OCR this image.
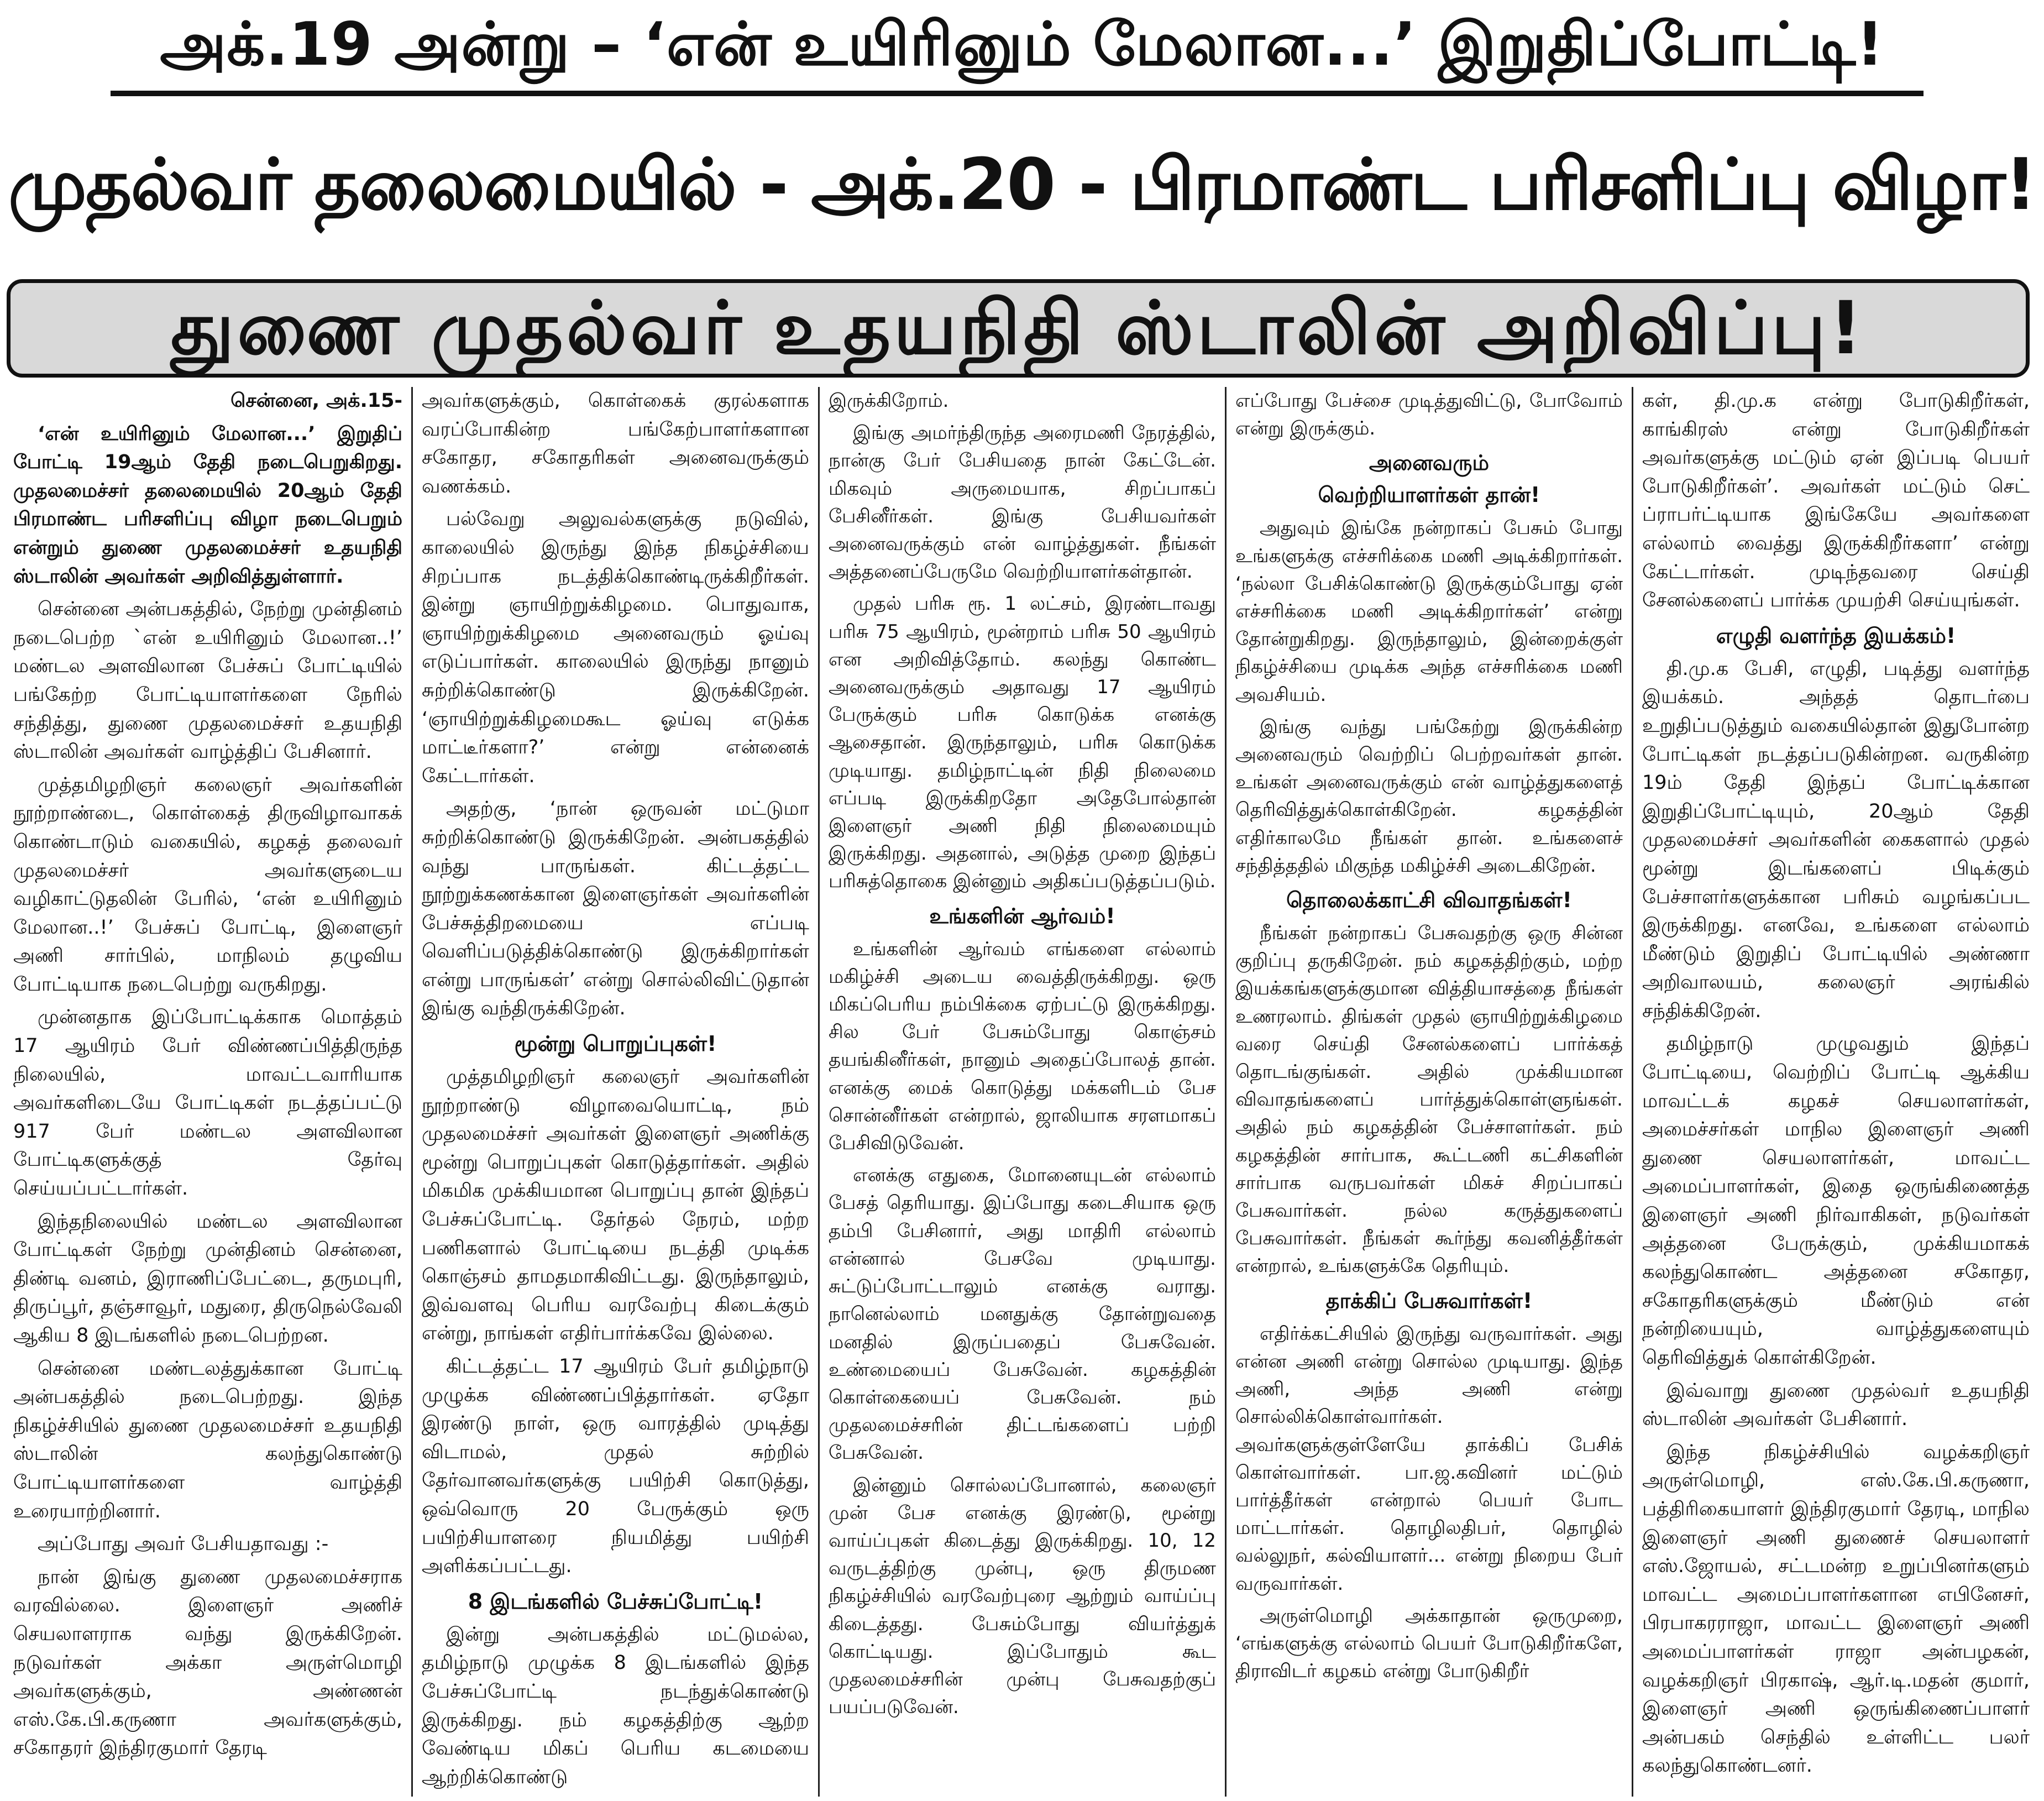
அக்.19 அன்று – ‘என் உயிரினும் மேலான...’ இறுதிப்போட்டி!
முதல்வர் தலைமையில் - அக்.20 - பிரமாண்ட பரிசளிப்பு விழா!
துணை முதல்வர் உதயநிதி ஸ்டாலின் அறிவிப்பு!

சென்னை, அக்.15-

‘என் உயிரினும் மேலான...’ இறுதிப் போட்டி 19ஆம் தேதி நடைபெறுகிறது. முதலமைச்சர் தலைமையில் 20ஆம் தேதி பிரமாண்ட பரிசளிப்பு விழா நடைபெறும் என்றும் துணை முதலமைச்சர் உதயநிதி ஸ்டாலின் அவர்கள் அறிவித்துள்ளார்.

சென்னை அன்பகத்தில், நேற்று முன்தினம் நடைபெற்ற `என் உயிரினும் மேலான..!’ மண்டல அளவிலான பேச்சுப் போட்டியில் பங்கேற்ற போட்டியாளர்களை நேரில் சந்தித்து, துணை முதலமைச்சர் உதயநிதி ஸ்டாலின் அவர்கள் வாழ்த்திப் பேசினார்.

முத்தமிழறிஞர் கலைஞர் அவர்களின் நூற்றாண்டை, கொள்கைத் திருவிழாவாகக் கொண்டாடும் வகையில், கழகத் தலைவர் முதலமைச்சர் அவர்களுடைய வழிகாட்டுதலின் பேரில், ‘என் உயிரினும் மேலான..!’ பேச்சுப் போட்டி, இளைஞர் அணி சார்பில், மாநிலம் தழுவிய போட்டியாக நடைபெற்று வருகிறது.

முன்னதாக இப்போட்டிக்காக மொத்தம் 17 ஆயிரம் பேர் விண்ணப்பித்திருந்த நிலையில், மாவட்டவாரியாக அவர்களிடையே போட்டிகள் நடத்தப்பட்டு 917 பேர் மண்டல அளவிலான போட்டிகளுக்குத் தேர்வு செய்யப்பட்டார்கள்.

இந்தநிலையில் மண்டல அளவிலான போட்டிகள் நேற்று முன்தினம் சென்னை, திண்டி வனம், இராணிப்பேட்டை, தருமபுரி, திருப்பூர், தஞ்சாவூர், மதுரை, திருநெல்வேலி ஆகிய 8 இடங்களில் நடைபெற்றன.

சென்னை மண்டலத்துக்கான போட்டி அன்பகத்தில் நடைபெற்றது. இந்த நிகழ்ச்சியில் துணை முதலமைச்சர் உதயநிதி ஸ்டாலின் கலந்துகொண்டு போட்டியாளர்களை வாழ்த்தி உரையாற்றினார்.

அப்போது அவர் பேசியதாவது :-

நான் இங்கு துணை முதலமைச்சராக வரவில்லை. இளைஞர் அணிச் செயலாளராக வந்து இருக்கிறேன். நடுவர்கள் அக்கா அருள்மொழி அவர்களுக்கும், அண்ணன் எஸ்.கே.பி.கருணா அவர்களுக்கும், சகோதரர் இந்திரகுமார் தேரடி

அவர்களுக்கும், கொள்கைக் குரல்களாக வரப்போகின்ற பங்கேற்பாளர்களான சகோதர, சகோதரிகள் அனைவருக்கும் வணக்கம்.

பல்வேறு அலுவல்களுக்கு நடுவில், காலையில் இருந்து இந்த நிகழ்ச்சியை சிறப்பாக நடத்திக்கொண்டிருக்கிறீர்கள். இன்று ஞாயிற்றுக்கிழமை. பொதுவாக, ஞாயிற்றுக்கிழமை அனைவரும் ஓய்வு எடுப்பார்கள். காலையில் இருந்து நானும் சுற்றிக்கொண்டு இருக்கிறேன். ‘ஞாயிற்றுக்கிழமைகூட ஓய்வு எடுக்க மாட்டீர்களா?’ என்று என்னைக் கேட்டார்கள்.

அதற்கு, ‘நான் ஒருவன் மட்டுமா சுற்றிக்கொண்டு இருக்கிறேன். அன்பகத்தில் வந்து பாருங்கள். கிட்டத்தட்ட நூற்றுக்கணக்கான இளைஞர்கள் அவர்களின் பேச்சுத்திறமையை எப்படி வெளிப்படுத்திக்கொண்டு இருக்கிறார்கள் என்று பாருங்கள்’ என்று சொல்லிவிட்டுதான் இங்கு வந்திருக்கிறேன்.

மூன்று பொறுப்புகள்!

முத்தமிழறிஞர் கலைஞர் அவர்களின் நூற்றாண்டு விழாவையொட்டி, நம் முதலமைச்சர் அவர்கள் இளைஞர் அணிக்கு மூன்று பொறுப்புகள் கொடுத்தார்கள். அதில் மிகமிக முக்கியமான பொறுப்பு தான் இந்தப் பேச்சுப்போட்டி. தேர்தல் நேரம், மற்ற பணிகளால் போட்டியை நடத்தி முடிக்க கொஞ்சம் தாமதமாகிவிட்டது. இருந்தாலும், இவ்வளவு பெரிய வரவேற்பு கிடைக்கும் என்று, நாங்கள் எதிர்பார்க்கவே இல்லை.

கிட்டத்தட்ட 17 ஆயிரம் பேர் தமிழ்நாடு முழுக்க விண்ணப்பித்தார்கள். ஏதோ இரண்டு நாள், ஒரு வாரத்தில் முடித்து விடாமல், முதல் சுற்றில் தேர்வானவர்களுக்கு பயிற்சி கொடுத்து, ஒவ்வொரு 20 பேருக்கும் ஒரு பயிற்சியாளரை நியமித்து பயிற்சி அளிக்கப்பட்டது.

8 இடங்களில் பேச்சுப்போட்டி!

இன்று அன்பகத்தில் மட்டுமல்ல, தமிழ்நாடு முழுக்க 8 இடங்களில் இந்த பேச்சுப்போட்டி நடந்துக்கொண்டு இருக்கிறது. நம் கழகத்திற்கு ஆற்ற வேண்டிய மிகப் பெரிய கடமையை ஆற்றிக்கொண்டு

இருக்கிறோம்.

இங்கு அமர்ந்திருந்த அரைமணி நேரத்தில், நான்கு பேர் பேசியதை நான் கேட்டேன். மிகவும் அருமையாக, சிறப்பாகப் பேசினீர்கள். இங்கு பேசியவர்கள் அனைவருக்கும் என் வாழ்த்துகள். நீங்கள் அத்தனைப்பேருமே வெற்றியாளர்கள்தான்.

முதல் பரிசு ரூ. 1 லட்சம், இரண்டாவது பரிசு 75 ஆயிரம், மூன்றாம் பரிசு 50 ஆயிரம் என அறிவித்தோம். கலந்து கொண்ட அனைவருக்கும் அதாவது 17 ஆயிரம் பேருக்கும் பரிசு கொடுக்க எனக்கு ஆசைதான். இருந்தாலும், பரிசு கொடுக்க முடியாது. தமிழ்நாட்டின் நிதி நிலைமை எப்படி இருக்கிறதோ அதேபோல்தான் இளைஞர் அணி நிதி நிலைமையும் இருக்கிறது. அதனால், அடுத்த முறை இந்தப் பரிசுத்தொகை இன்னும் அதிகப்படுத்தப்படும்.

உங்களின் ஆர்வம்!

உங்களின் ஆர்வம் எங்களை எல்லாம் மகிழ்ச்சி அடைய வைத்திருக்கிறது. ஒரு மிகப்பெரிய நம்பிக்கை ஏற்பட்டு இருக்கிறது. சில பேர் பேசும்போது கொஞ்சம் தயங்கினீர்கள், நானும் அதைப்போலத் தான். எனக்கு மைக் கொடுத்து மக்களிடம் பேச சொன்னீர்கள் என்றால், ஜாலியாக சரளமாகப் பேசிவிடுவேன்.

எனக்கு எதுகை, மோனையுடன் எல்லாம் பேசத் தெரியாது. இப்போது கடைசியாக ஒரு தம்பி பேசினார், அது மாதிரி எல்லாம் என்னால் பேசவே முடியாது. சுட்டுப்போட்டாலும் எனக்கு வராது. நானெல்லாம் மனதுக்கு தோன்றுவதை மனதில் இருப்பதைப் பேசுவேன். உண்மையைப் பேசுவேன். கழகத்தின் கொள்கையைப் பேசுவேன். நம் முதலமைச்சரின் திட்டங்களைப் பற்றி பேசுவேன்.

இன்னும் சொல்லப்போனால், கலைஞர் முன் பேச எனக்கு இரண்டு, மூன்று வாய்ப்புகள் கிடைத்து இருக்கிறது. 10, 12 வருடத்திற்கு முன்பு, ஒரு திருமண நிகழ்ச்சியில் வரவேற்புரை ஆற்றும் வாய்ப்பு கிடைத்தது. பேசும்போது வியர்த்துக் கொட்டியது. இப்போதும் கூட முதலமைச்சரின் முன்பு பேசுவதற்குப் பயப்படுவேன்.

எப்போது பேச்சை முடித்துவிட்டு, போவோம் என்று இருக்கும்.

அனைவரும்
வெற்றியாளர்கள் தான்!

அதுவும் இங்கே நன்றாகப் பேசும் போது உங்களுக்கு எச்சரிக்கை மணி அடிக்கிறார்கள். ‘நல்லா பேசிக்கொண்டு இருக்கும்போது ஏன் எச்சரிக்கை மணி அடிக்கிறார்கள்’ என்று தோன்றுகிறது. இருந்தாலும், இன்றைக்குள் நிகழ்ச்சியை முடிக்க அந்த எச்சரிக்கை மணி அவசியம்.

இங்கு வந்து பங்கேற்று இருக்கின்ற அனைவரும் வெற்றிப் பெற்றவர்கள் தான். உங்கள் அனைவருக்கும் என் வாழ்த்துகளைத் தெரிவித்துக்கொள்கிறேன். கழகத்தின் எதிர்காலமே நீங்கள் தான். உங்களைச் சந்தித்ததில் மிகுந்த மகிழ்ச்சி அடைகிறேன்.

தொலைக்காட்சி விவாதங்கள்!

நீங்கள் நன்றாகப் பேசுவதற்கு ஒரு சின்ன குறிப்பு தருகிறேன். நம் கழகத்திற்கும், மற்ற இயக்கங்களுக்குமான வித்தியாசத்தை நீங்கள் உணரலாம். திங்கள் முதல் ஞாயிற்றுக்கிழமை வரை செய்தி சேனல்களைப் பார்க்கத் தொடங்குங்கள். அதில் முக்கியமான விவாதங்களைப் பார்த்துக்கொள்ளுங்கள். அதில் நம் கழகத்தின் பேச்சாளர்கள். நம் கழகத்தின் சார்பாக, கூட்டணி கட்சிகளின் சார்பாக வருபவர்கள் மிகச் சிறப்பாகப் பேசுவார்கள். நல்ல கருத்துகளைப் பேசுவார்கள். நீங்கள் கூர்ந்து கவனித்தீர்கள் என்றால், உங்களுக்கே தெரியும்.

தாக்கிப் பேசுவார்கள்!

எதிர்க்கட்சியில் இருந்து வருவார்கள். அது என்ன அணி என்று சொல்ல முடியாது. இந்த அணி, அந்த அணி என்று சொல்லிக்கொள்வார்கள். அவர்களுக்குள்ளேயே தாக்கிப் பேசிக் கொள்வார்கள். பா.ஜ.கவினர் மட்டும் பார்த்தீர்கள் என்றால் பெயர் போட மாட்டார்கள். தொழிலதிபர், தொழில் வல்லுநர், கல்வியாளர்... என்று நிறைய பேர் வருவார்கள்.

அருள்மொழி அக்காதான் ஒருமுறை, ‘எங்களுக்கு எல்லாம் பெயர் போடுகிறீர்களே, திராவிடர் கழகம் என்று போடுகிறீர்

கள், தி.மு.க என்று போடுகிறீர்கள், காங்கிரஸ் என்று போடுகிறீர்கள் அவர்களுக்கு மட்டும் ஏன் இப்படி பெயர் போடுகிறீர்கள்’. அவர்கள் மட்டும் செட் ப்ராபர்ட்டியாக இங்கேயே அவர்களை எல்லாம் வைத்து இருக்கிறீர்களா’ என்று கேட்டார்கள். முடிந்தவரை செய்தி சேனல்களைப் பார்க்க முயற்சி செய்யுங்கள்.

எழுதி வளர்ந்த இயக்கம்!

தி.மு.க பேசி, எழுதி, படித்து வளர்ந்த இயக்கம். அந்தத் தொடர்பை உறுதிப்படுத்தும் வகையில்தான் இதுபோன்ற போட்டிகள் நடத்தப்படுகின்றன. வருகின்ற 19ம் தேதி இந்தப் போட்டிக்கான இறுதிப்போட்டியும், 20ஆம் தேதி முதலமைச்சர் அவர்களின் கைகளால் முதல் மூன்று இடங்களைப் பிடிக்கும் பேச்சாளர்களுக்கான பரிசும் வழங்கப்பட இருக்கிறது. எனவே, உங்களை எல்லாம் மீண்டும் இறுதிப் போட்டியில் அண்ணா அறிவாலயம், கலைஞர் அரங்கில் சந்திக்கிறேன்.

தமிழ்நாடு முழுவதும் இந்தப் போட்டியை, வெற்றிப் போட்டி ஆக்கிய மாவட்டக் கழகச் செயலாளர்கள், அமைச்சர்கள் மாநில இளைஞர் அணி துணை செயலாளர்கள், மாவட்ட அமைப்பாளர்கள், இதை ஒருங்கிணைத்த இளைஞர் அணி நிர்வாகிகள், நடுவர்கள் அத்தனை பேருக்கும், முக்கியமாகக் கலந்துகொண்ட அத்தனை சகோதர, சகோதரிகளுக்கும் மீண்டும் என் நன்றியையும், வாழ்த்துகளையும் தெரிவித்துக் கொள்கிறேன்.

இவ்வாறு துணை முதல்வர் உதயநிதி ஸ்டாலின் அவர்கள் பேசினார்.

இந்த நிகழ்ச்சியில் வழக்கறிஞர் அருள்மொழி, எஸ்.கே.பி.கருணா, பத்திரிகையாளர் இந்திரகுமார் தேரடி, மாநில இளைஞர் அணி துணைச் செயலாளர் எஸ்.ஜோயல், சட்டமன்ற உறுப்பினர்களும் மாவட்ட அமைப்பாளர்களான எபினேசர், பிரபாகரராஜா, மாவட்ட இளைஞர் அணி அமைப்பாளர்கள் ராஜா அன்பழகன், வழக்கறிஞர் பிரகாஷ், ஆர்.டி.மதன் குமார், இளைஞர் அணி ஒருங்கிணைப்பாளர் அன்பகம் செந்தில் உள்ளிட்ட பலர் கலந்துகொண்டனர்.
